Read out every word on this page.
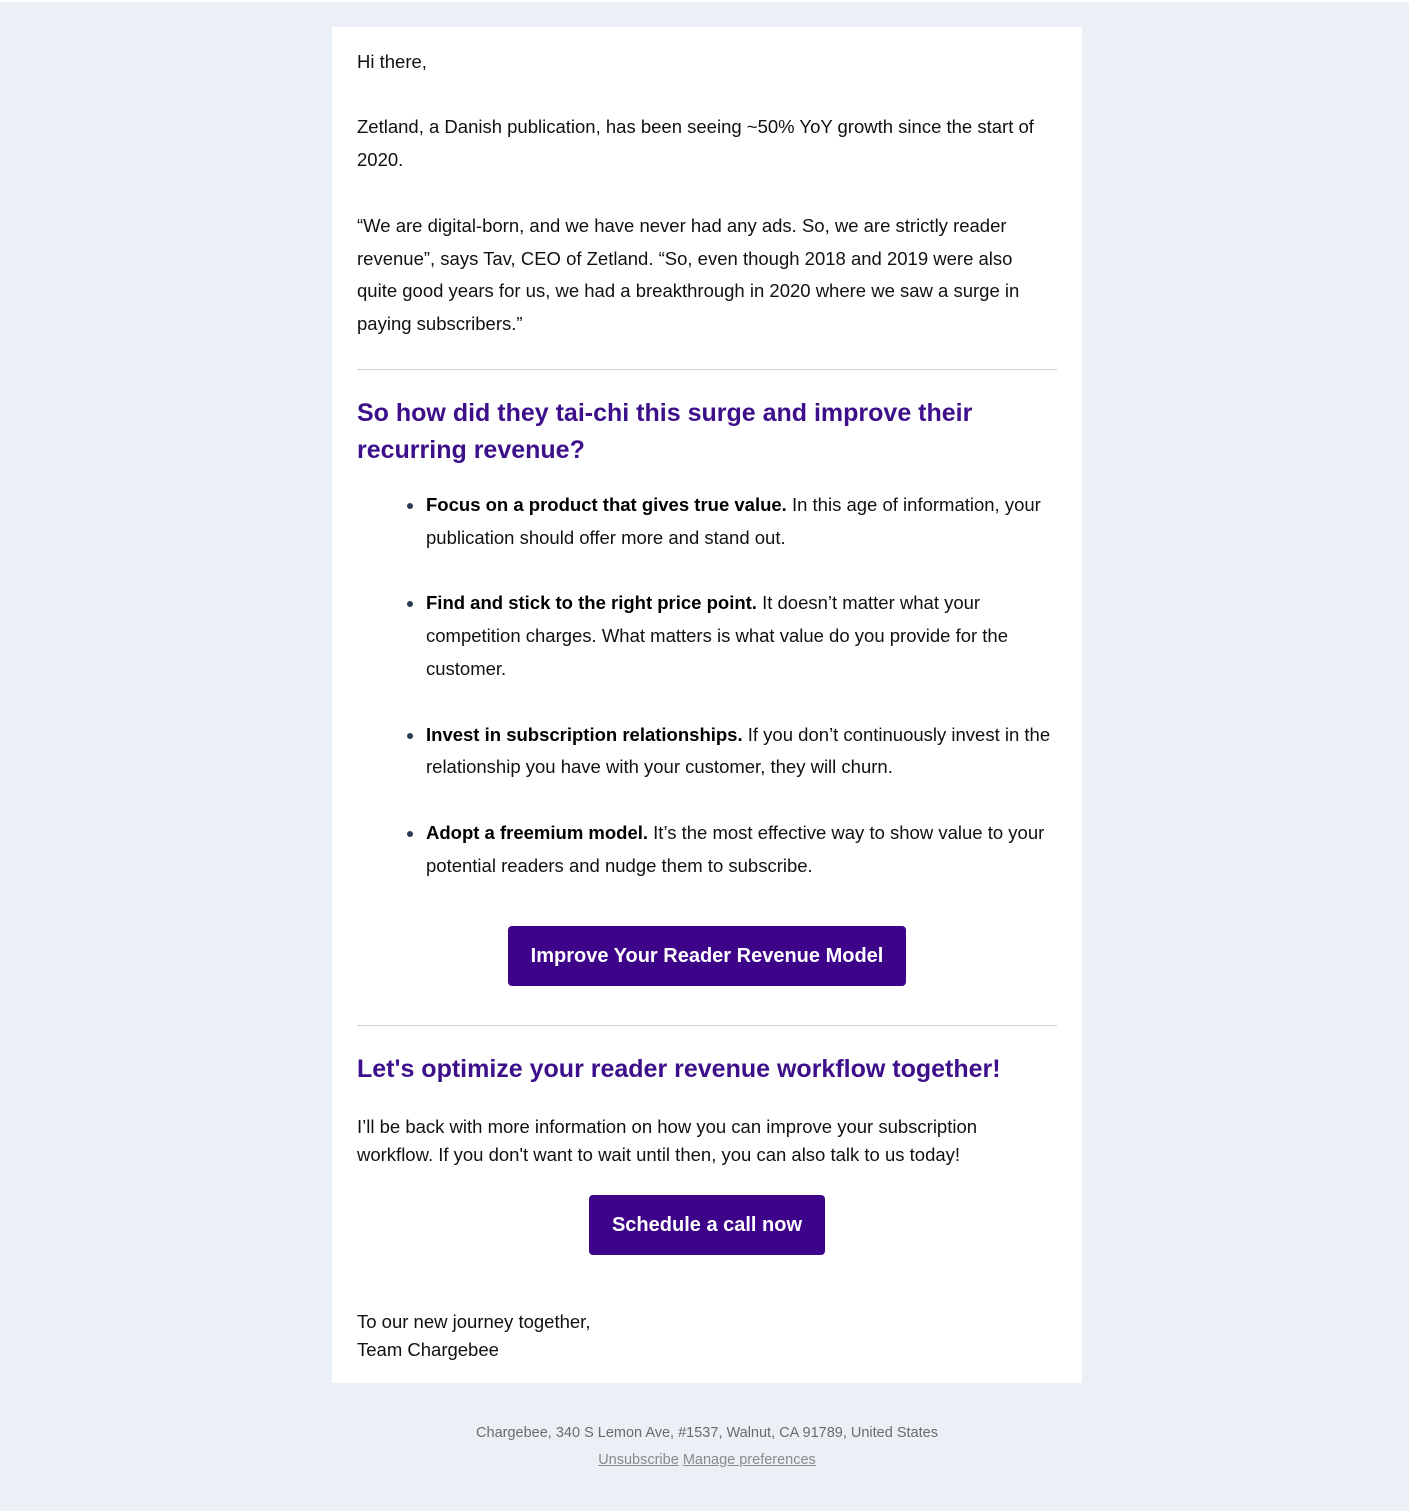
Hi there,

Zetland, a Danish publication, has been seeing ~50% YoY growth since the start of 2020.

“We are digital-born, and we have never had any ads. So, we are strictly reader revenue”, says Tav, CEO of Zetland. “So, even though 2018 and 2019 were also quite good years for us, we had a breakthrough in 2020 where we saw a surge in paying subscribers.”

So how did they tai-chi this surge and improve their recurring revenue?
Focus on a product that gives true value. In this age of information, your publication should offer more and stand out.
Find and stick to the right price point. It doesn’t matter what your competition charges. What matters is what value do you provide for the customer.
Invest in subscription relationships. If you don’t continuously invest in the relationship you have with your customer, they will churn.
Adopt a freemium model. It’s the most effective way to show value to your potential readers and nudge them to subscribe.
Improve Your Reader Revenue Model
Let's optimize your reader revenue workflow together!

I’ll be back with more information on how you can improve your subscription workflow. If you don't want to wait until then, you can also talk to us today!

Schedule a call now
To our new journey together,
Team Chargebee
Chargebee, 340 S Lemon Ave, #1537, Walnut, CA 91789, United States
Unsubscribe Manage preferences
